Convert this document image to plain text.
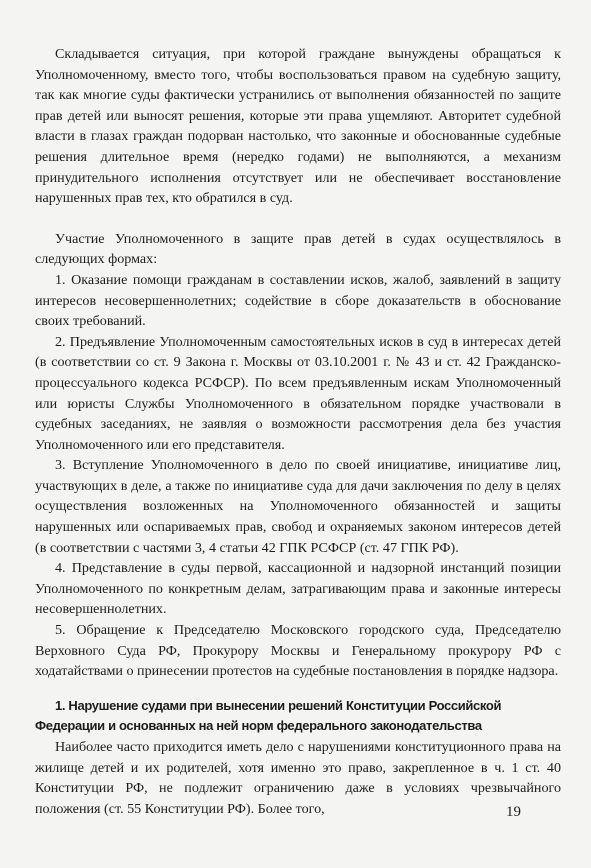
Складывается ситуация, при которой граждане вынуждены обращаться к Уполномоченному, вместо того, чтобы воспользоваться правом на судебную защиту, так как многие суды фактически устранились от выполнения обязанностей по защите прав детей или выносят решения, которые эти права ущемляют. Авторитет судебной власти в глазах граждан подорван настолько, что законные и обоснованные судебные решения длительное время (нередко годами) не выполняются, а механизм принудительного исполнения отсутствует или не обеспечивает восстановление нарушенных прав тех, кто обратился в суд.

Участие Уполномоченного в защите прав детей в судах осуществлялось в следующих формах:

1. Оказание помощи гражданам в составлении исков, жалоб, заявлений в защиту интересов несовершеннолетних; содействие в сборе доказательств в обоснование своих требований.

2. Предъявление Уполномоченным самостоятельных исков в суд в интересах детей (в соответствии со ст. 9 Закона г. Москвы от 03.10.2001 г. № 43 и ст. 42 Гражданско-процессуального кодекса РСФСР). По всем предъявленным искам Уполномоченный или юристы Службы Уполномоченного в обязательном порядке участвовали в судебных заседаниях, не заявляя о возможности рассмотрения дела без участия Уполномоченного или его представителя.

3. Вступление Уполномоченного в дело по своей инициативе, инициативе лиц, участвующих в деле, а также по инициативе суда для дачи заключения по делу в целях осуществления возложенных на Уполномоченного обязанностей и защиты нарушенных или оспариваемых прав, свобод и охраняемых законом интересов детей (в соответствии с частями 3, 4 статьи 42 ГПК РСФСР (ст. 47 ГПК РФ).

4. Представление в суды первой, кассационной и надзорной инстанций позиции Уполномоченного по конкретным делам, затрагивающим права и законные интересы несовершеннолетних.

5. Обращение к Председателю Московского городского суда, Председателю Верховного Суда РФ, Прокурору Москвы и Генеральному прокурору РФ с ходатайствами о принесении протестов на судебные постановления в порядке надзора.

1. Нарушение судами при вынесении решений Конституции Российской Федерации и основанных на ней норм федерального законодательства

Наиболее часто приходится иметь дело с нарушениями конституционного права на жилище детей и их родителей, хотя именно это право, закрепленное в ч. 1 ст. 40 Конституции РФ, не подлежит ограничению даже в условиях чрезвычайного положения (ст. 55 Конституции РФ). Более того,	19
